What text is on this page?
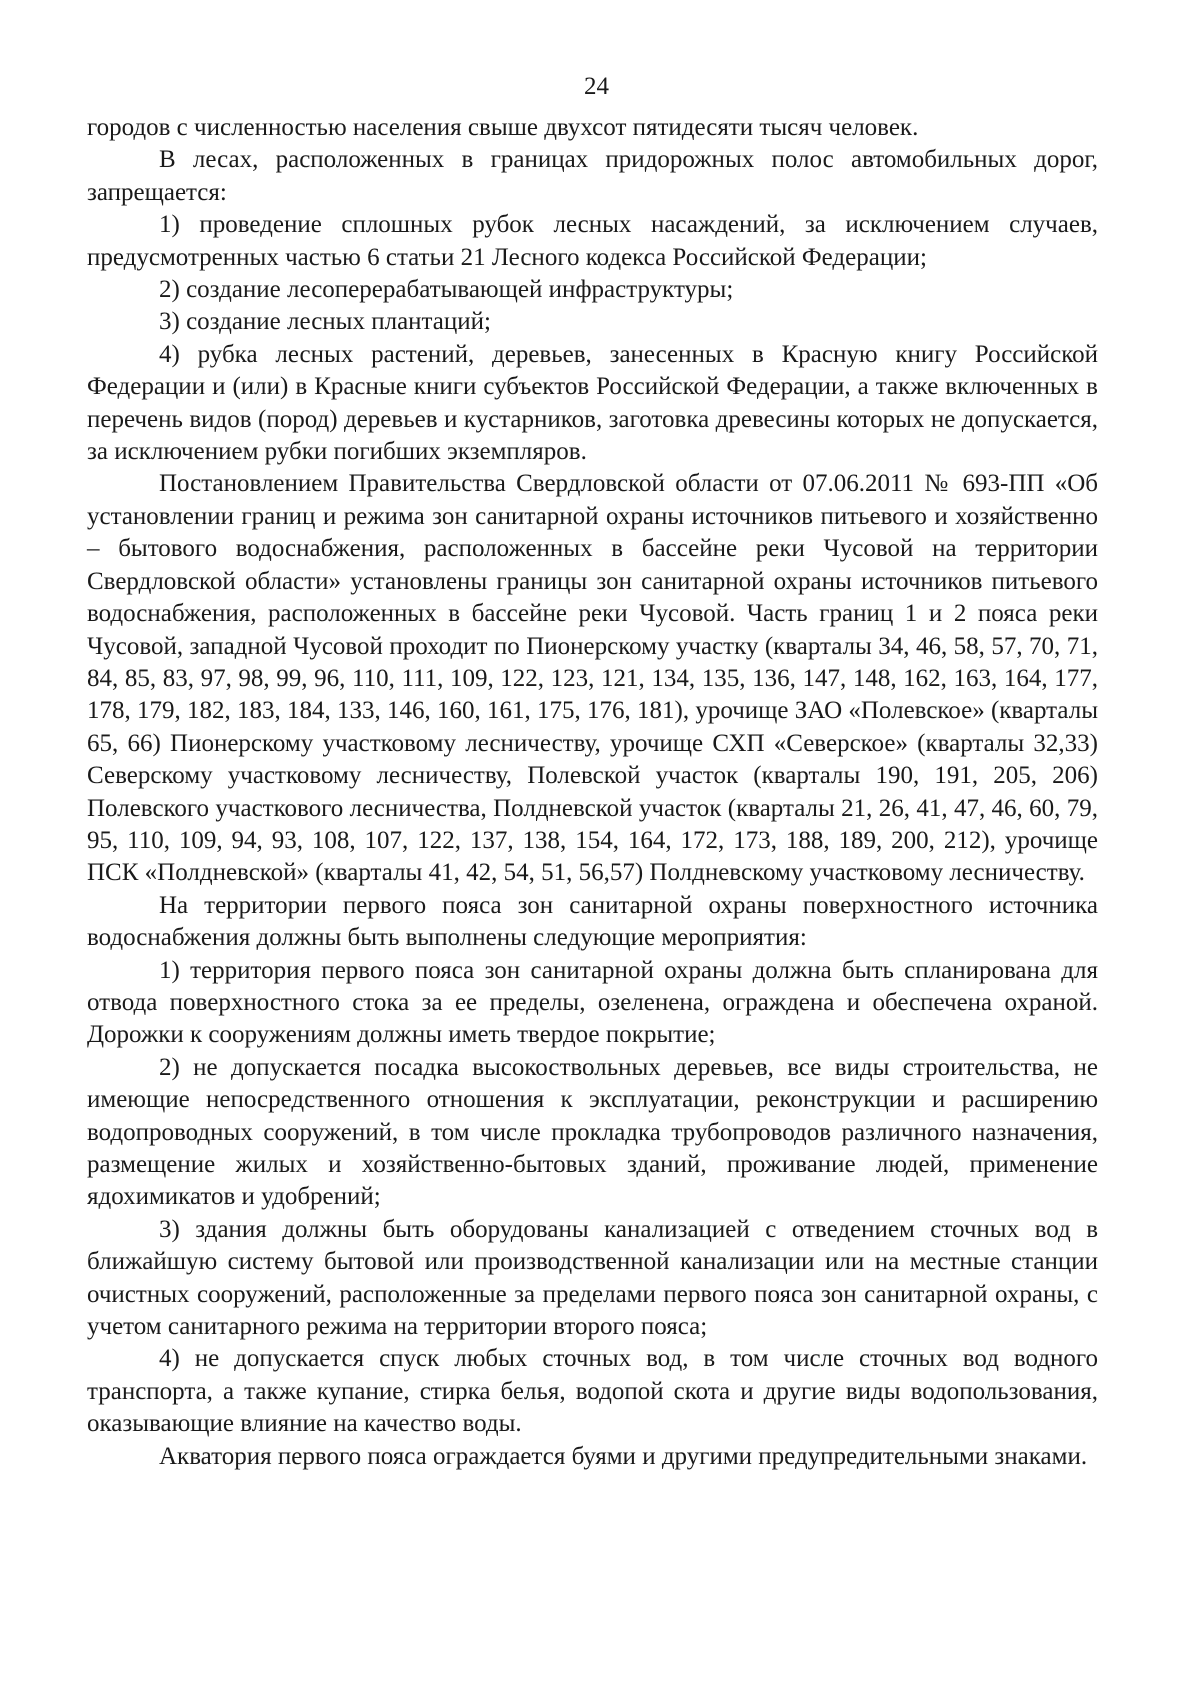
24

городов с численностью населения свыше двухсот пятидесяти тысяч человек.

В лесах, расположенных в границах придорожных полос автомобильных дорог, запрещается:

1) проведение сплошных рубок лесных насаждений, за исключением случаев, предусмотренных частью 6 статьи 21 Лесного кодекса Российской Федерации;

2) создание лесоперерабатывающей инфраструктуры;

3) создание лесных плантаций;

4) рубка лесных растений, деревьев, занесенных в Красную книгу Российской Федерации и (или) в Красные книги субъектов Российской Федерации, а также включенных в перечень видов (пород) деревьев и кустарников, заготовка древесины которых не допускается, за исключением рубки погибших экземпляров.

Постановлением Правительства Свердловской области от 07.06.2011 № 693-ПП «Об установлении границ и режима зон санитарной охраны источников питьевого и хозяйственно – бытового водоснабжения, расположенных в бассейне реки Чусовой на территории Свердловской области» установлены границы зон санитарной охраны источников питьевого водоснабжения, расположенных в бассейне реки Чусовой. Часть границ 1 и 2 пояса реки Чусовой, западной Чусовой проходит по Пионерскому участку (кварталы 34, 46, 58, 57, 70, 71, 84, 85, 83, 97, 98, 99, 96, 110, 111, 109, 122, 123, 121, 134, 135, 136, 147, 148, 162, 163, 164, 177, 178, 179, 182, 183, 184, 133, 146, 160, 161, 175, 176, 181), урочище ЗАО «Полевское» (кварталы 65, 66) Пионерскому участковому лесничеству, урочище СХП «Северское» (кварталы 32,33) Северскому участковому лесничеству, Полевской участок (кварталы 190, 191, 205, 206) Полевского участкового лесничества, Полдневской участок (кварталы 21, 26, 41, 47, 46, 60, 79, 95, 110, 109, 94, 93, 108, 107, 122, 137, 138, 154, 164, 172, 173, 188, 189, 200, 212), урочище ПСК «Полдневской» (кварталы 41, 42, 54, 51, 56,57) Полдневскому участковому лесничеству.

На территории первого пояса зон санитарной охраны поверхностного источника водоснабжения должны быть выполнены следующие мероприятия:

1) территория первого пояса зон санитарной охраны должна быть спланирована для отвода поверхностного стока за ее пределы, озеленена, ограждена и обеспечена охраной. Дорожки к сооружениям должны иметь твердое покрытие;

2) не допускается посадка высокоствольных деревьев, все виды строительства, не имеющие непосредственного отношения к эксплуатации, реконструкции и расширению водопроводных сооружений, в том числе прокладка трубопроводов различного назначения, размещение жилых и хозяйственно-бытовых зданий, проживание людей, применение ядохимикатов и удобрений;

3) здания должны быть оборудованы канализацией с отведением сточных вод в ближайшую систему бытовой или производственной канализации или на местные станции очистных сооружений, расположенные за пределами первого пояса зон санитарной охраны, с учетом санитарного режима на территории второго пояса;

4) не допускается спуск любых сточных вод, в том числе сточных вод водного транспорта, а также купание, стирка белья, водопой скота и другие виды водопользования, оказывающие влияние на качество воды.

Акватория первого пояса ограждается буями и другими предупредительными знаками.
